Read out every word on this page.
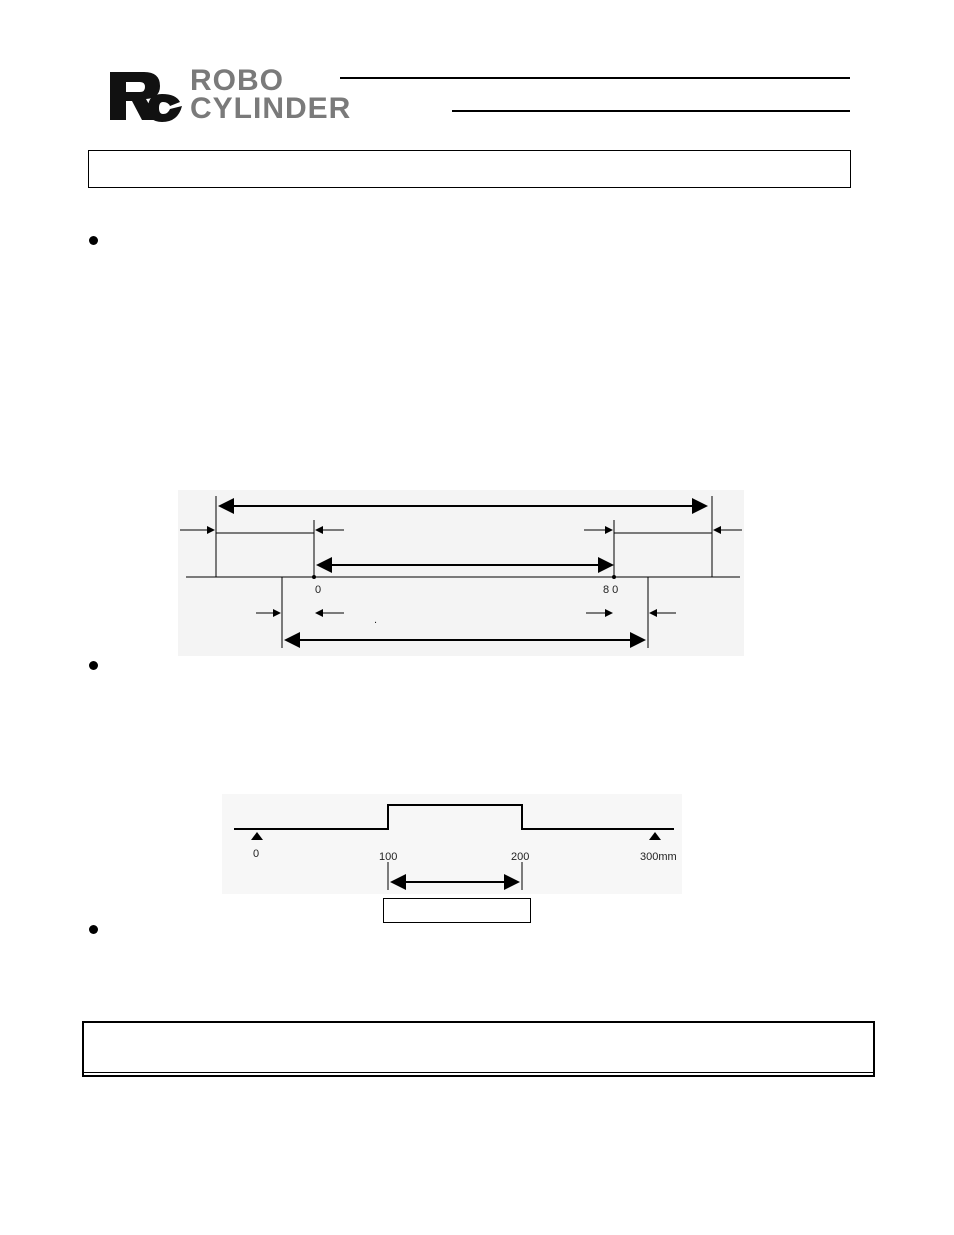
ROBO
CYLINDER
0	8 0
.
0	100	200	300mm
